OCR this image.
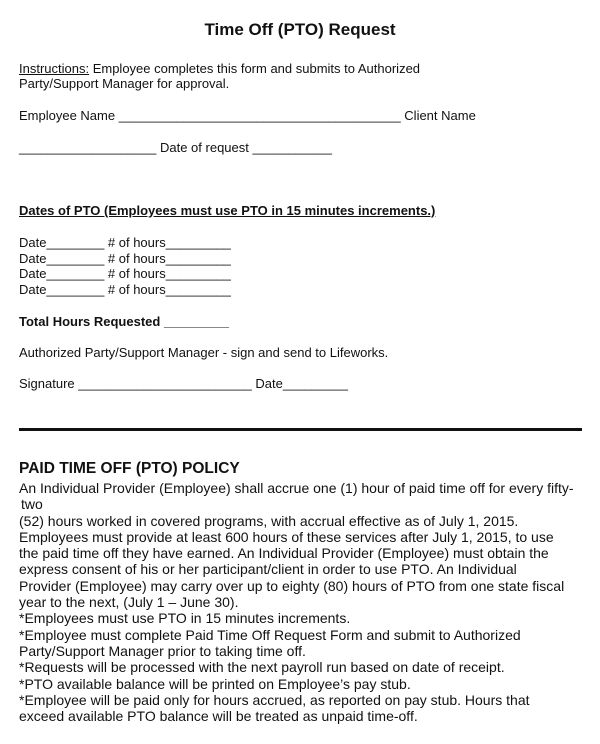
Time Off (PTO) Request
Instructions: Employee completes this form and submits to Authorized
Party/Support Manager for approval.
Employee Name _______________________________________ Client Name
___________________ Date of request ___________
Dates of PTO (Employees must use PTO in 15 minutes increments.)
Date________ # of hours_________
Date________ # of hours_________
Date________ # of hours_________
Date________ # of hours_________
Total Hours Requested _________
Authorized Party/Support Manager - sign and send to Lifeworks.
Signature ________________________ Date_________
PAID TIME OFF (PTO) POLICY

An Individual Provider (Employee) shall accrue one (1) hour of paid time off for every fifty-

two

(52) hours worked in covered programs, with accrual effective as of July 1, 2015.

Employees must provide at least 600 hours of these services after July 1, 2015, to use

the paid time off they have earned. An Individual Provider (Employee) must obtain the

express consent of his or her participant/client in order to use PTO. An Individual

Provider (Employee) may carry over up to eighty (80) hours of PTO from one state fiscal

year to the next, (July 1 – June 30).

*Employees must use PTO in 15 minutes increments.

*Employee must complete Paid Time Off Request Form and submit to Authorized

Party/Support Manager prior to taking time off.

*Requests will be processed with the next payroll run based on date of receipt.

*PTO available balance will be printed on Employee’s pay stub.

*Employee will be paid only for hours accrued, as reported on pay stub. Hours that

exceed available PTO balance will be treated as unpaid time-off.
